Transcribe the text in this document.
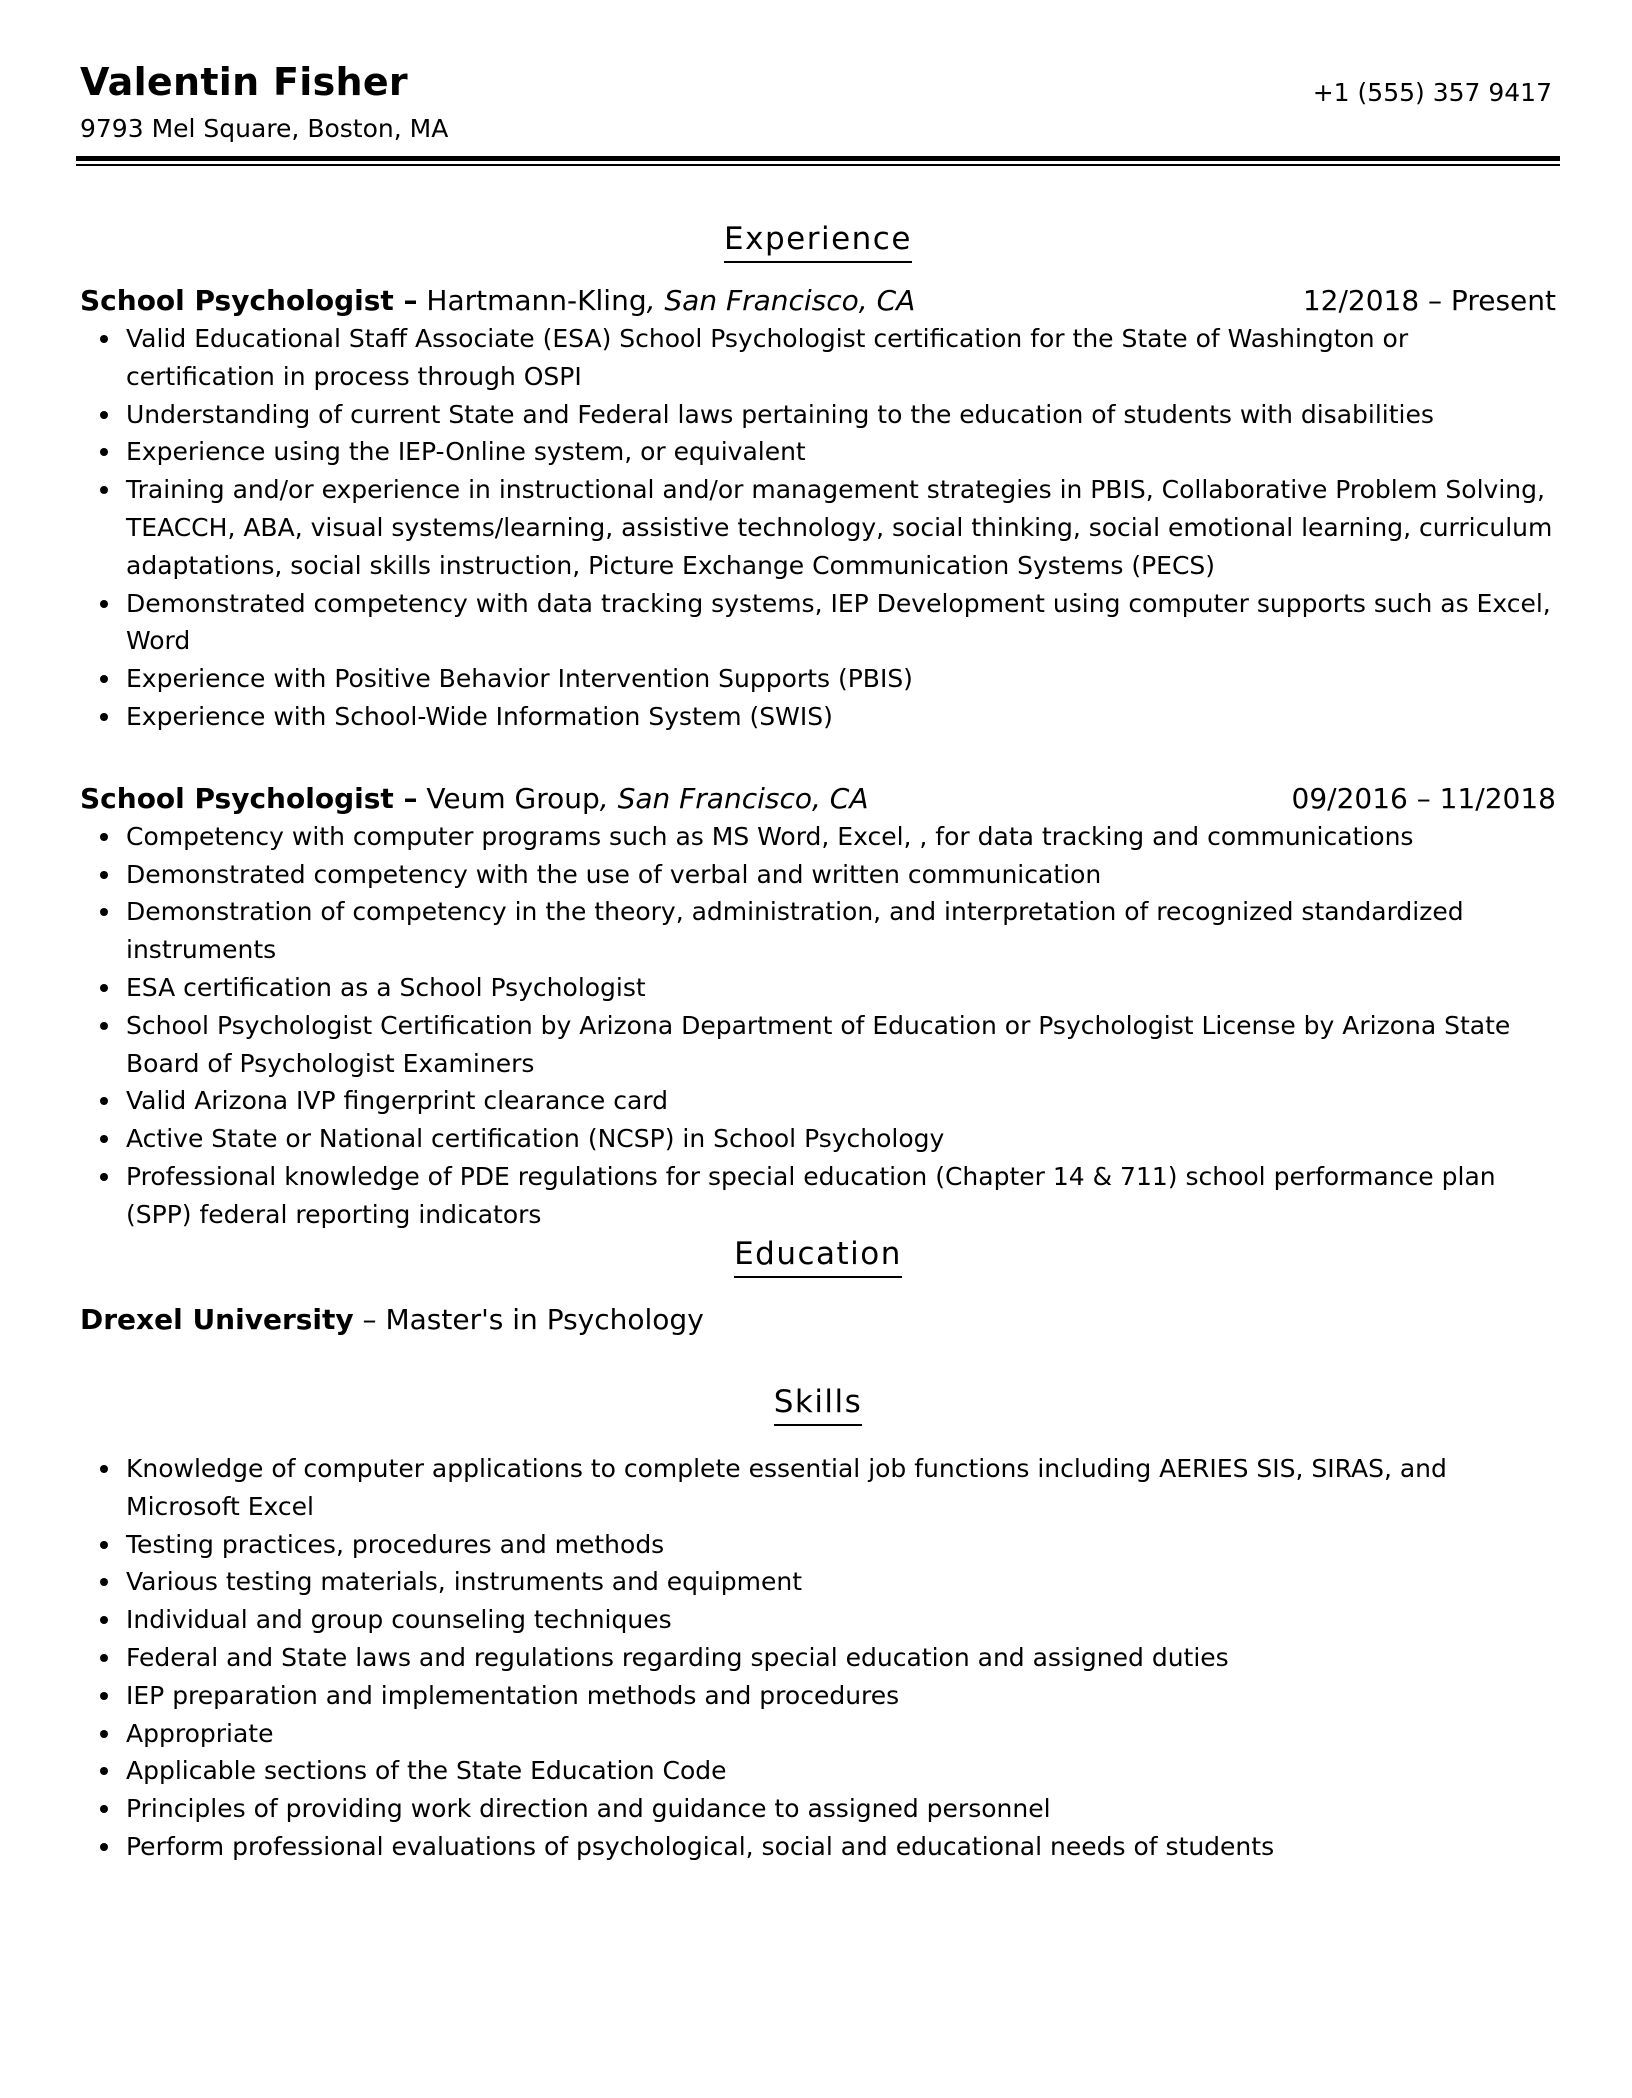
Valentin Fisher
9793 Mel Square, Boston, MA
+1 (555) 357 9417
Experience
School Psychologist – Hartmann-Kling, San Francisco, CA	12/2018 – Present
Valid Educational Staff Associate (ESA) School Psychologist certification for the State of Washington or certification in process through OSPI
Understanding of current State and Federal laws pertaining to the education of students with disabilities
Experience using the IEP-Online system, or equivalent
Training and/or experience in instructional and/or management strategies in PBIS, Collaborative Problem Solving, TEACCH, ABA, visual systems/learning, assistive technology, social thinking, social emotional learning, curriculum adaptations, social skills instruction, Picture Exchange Communication Systems (PECS)
Demonstrated competency with data tracking systems, IEP Development using computer supports such as Excel, Word
Experience with Positive Behavior Intervention Supports (PBIS)
Experience with School-Wide Information System (SWIS)
School Psychologist – Veum Group, San Francisco, CA	09/2016 – 11/2018
Competency with computer programs such as MS Word, Excel, , for data tracking and communications
Demonstrated competency with the use of verbal and written communication
Demonstration of competency in the theory, administration, and interpretation of recognized standardized instruments
ESA certification as a School Psychologist
School Psychologist Certification by Arizona Department of Education or Psychologist License by Arizona State Board of Psychologist Examiners
Valid Arizona IVP fingerprint clearance card
Active State or National certification (NCSP) in School Psychology
Professional knowledge of PDE regulations for special education (Chapter 14 & 711) school performance plan (SPP) federal reporting indicators
Education
Drexel University – Master's in Psychology
Skills
Knowledge of computer applications to complete essential job functions including AERIES SIS, SIRAS, and Microsoft Excel
Testing practices, procedures and methods
Various testing materials, instruments and equipment
Individual and group counseling techniques
Federal and State laws and regulations regarding special education and assigned duties
IEP preparation and implementation methods and procedures
Appropriate
Applicable sections of the State Education Code
Principles of providing work direction and guidance to assigned personnel
Perform professional evaluations of psychological, social and educational needs of students
